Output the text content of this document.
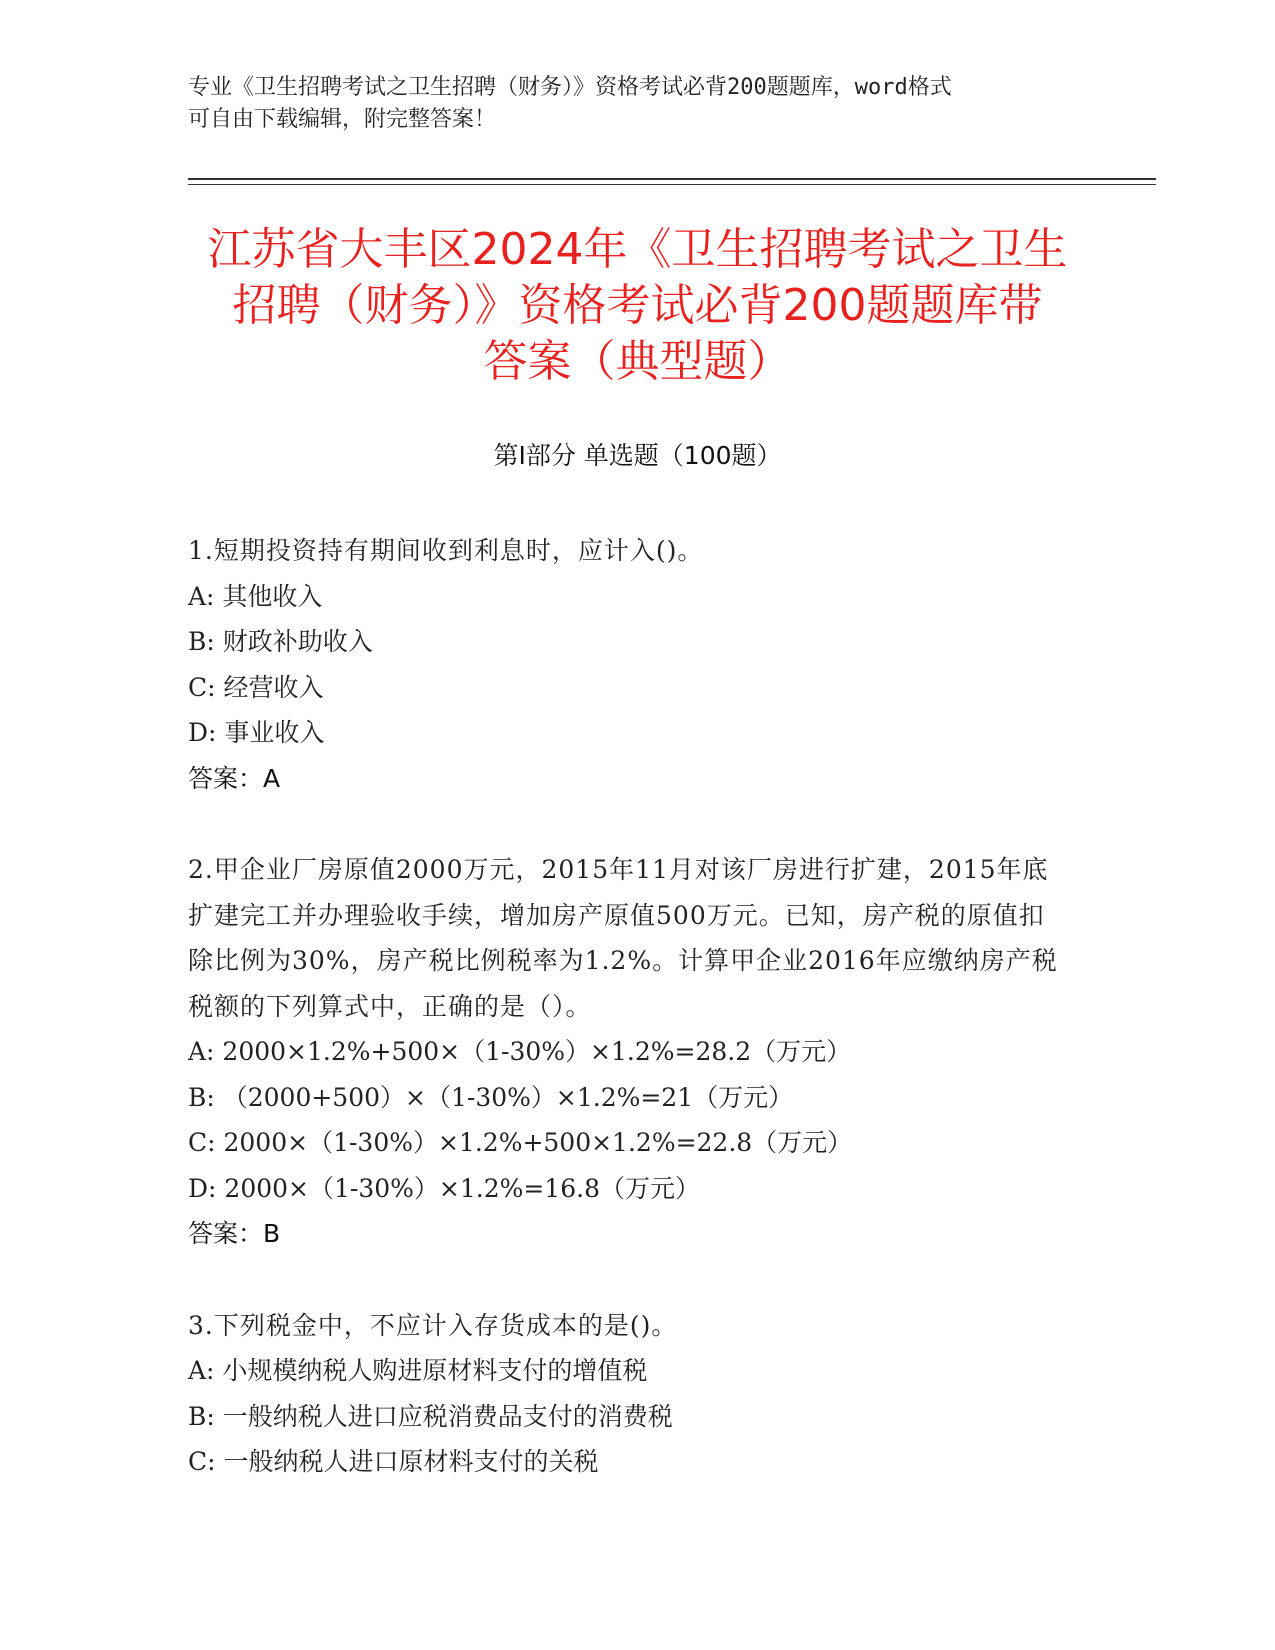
专业《卫生招聘考试之卫生招聘（财务）》资格考试必背200题题库，word格式
可自由下载编辑，附完整答案！
江苏省大丰区2024年《卫生招聘考试之卫生
招聘（财务）》资格考试必背200题题库带
答案（典型题）
第Ⅰ部分 单选题（100题）
1.短期投资持有期间收到利息时，应计入()。
A: 其他收入
B: 财政补助收入
C: 经营收入
D: 事业收入
答案：A
2.甲企业厂房原值2000万元，2015年11月对该厂房进行扩建，2015年底扩建完工并办理验收手续，增加房产原值500万元。已知，房产税的原值扣除比例为30%，房产税比例税率为1.2%。计算甲企业2016年应缴纳房产税税额的下列算式中，正确的是（）。
A: 2000×1.2%+500×（1-30%）×1.2%=28.2（万元）
B: （2000+500）×（1-30%）×1.2%=21（万元）
C: 2000×（1-30%）×1.2%+500×1.2%=22.8（万元）
D: 2000×（1-30%）×1.2%=16.8（万元）
答案：B
3.下列税金中，不应计入存货成本的是()。
A: 小规模纳税人购进原材料支付的增值税
B: 一般纳税人进口应税消费品支付的消费税
C: 一般纳税人进口原材料支付的关税
